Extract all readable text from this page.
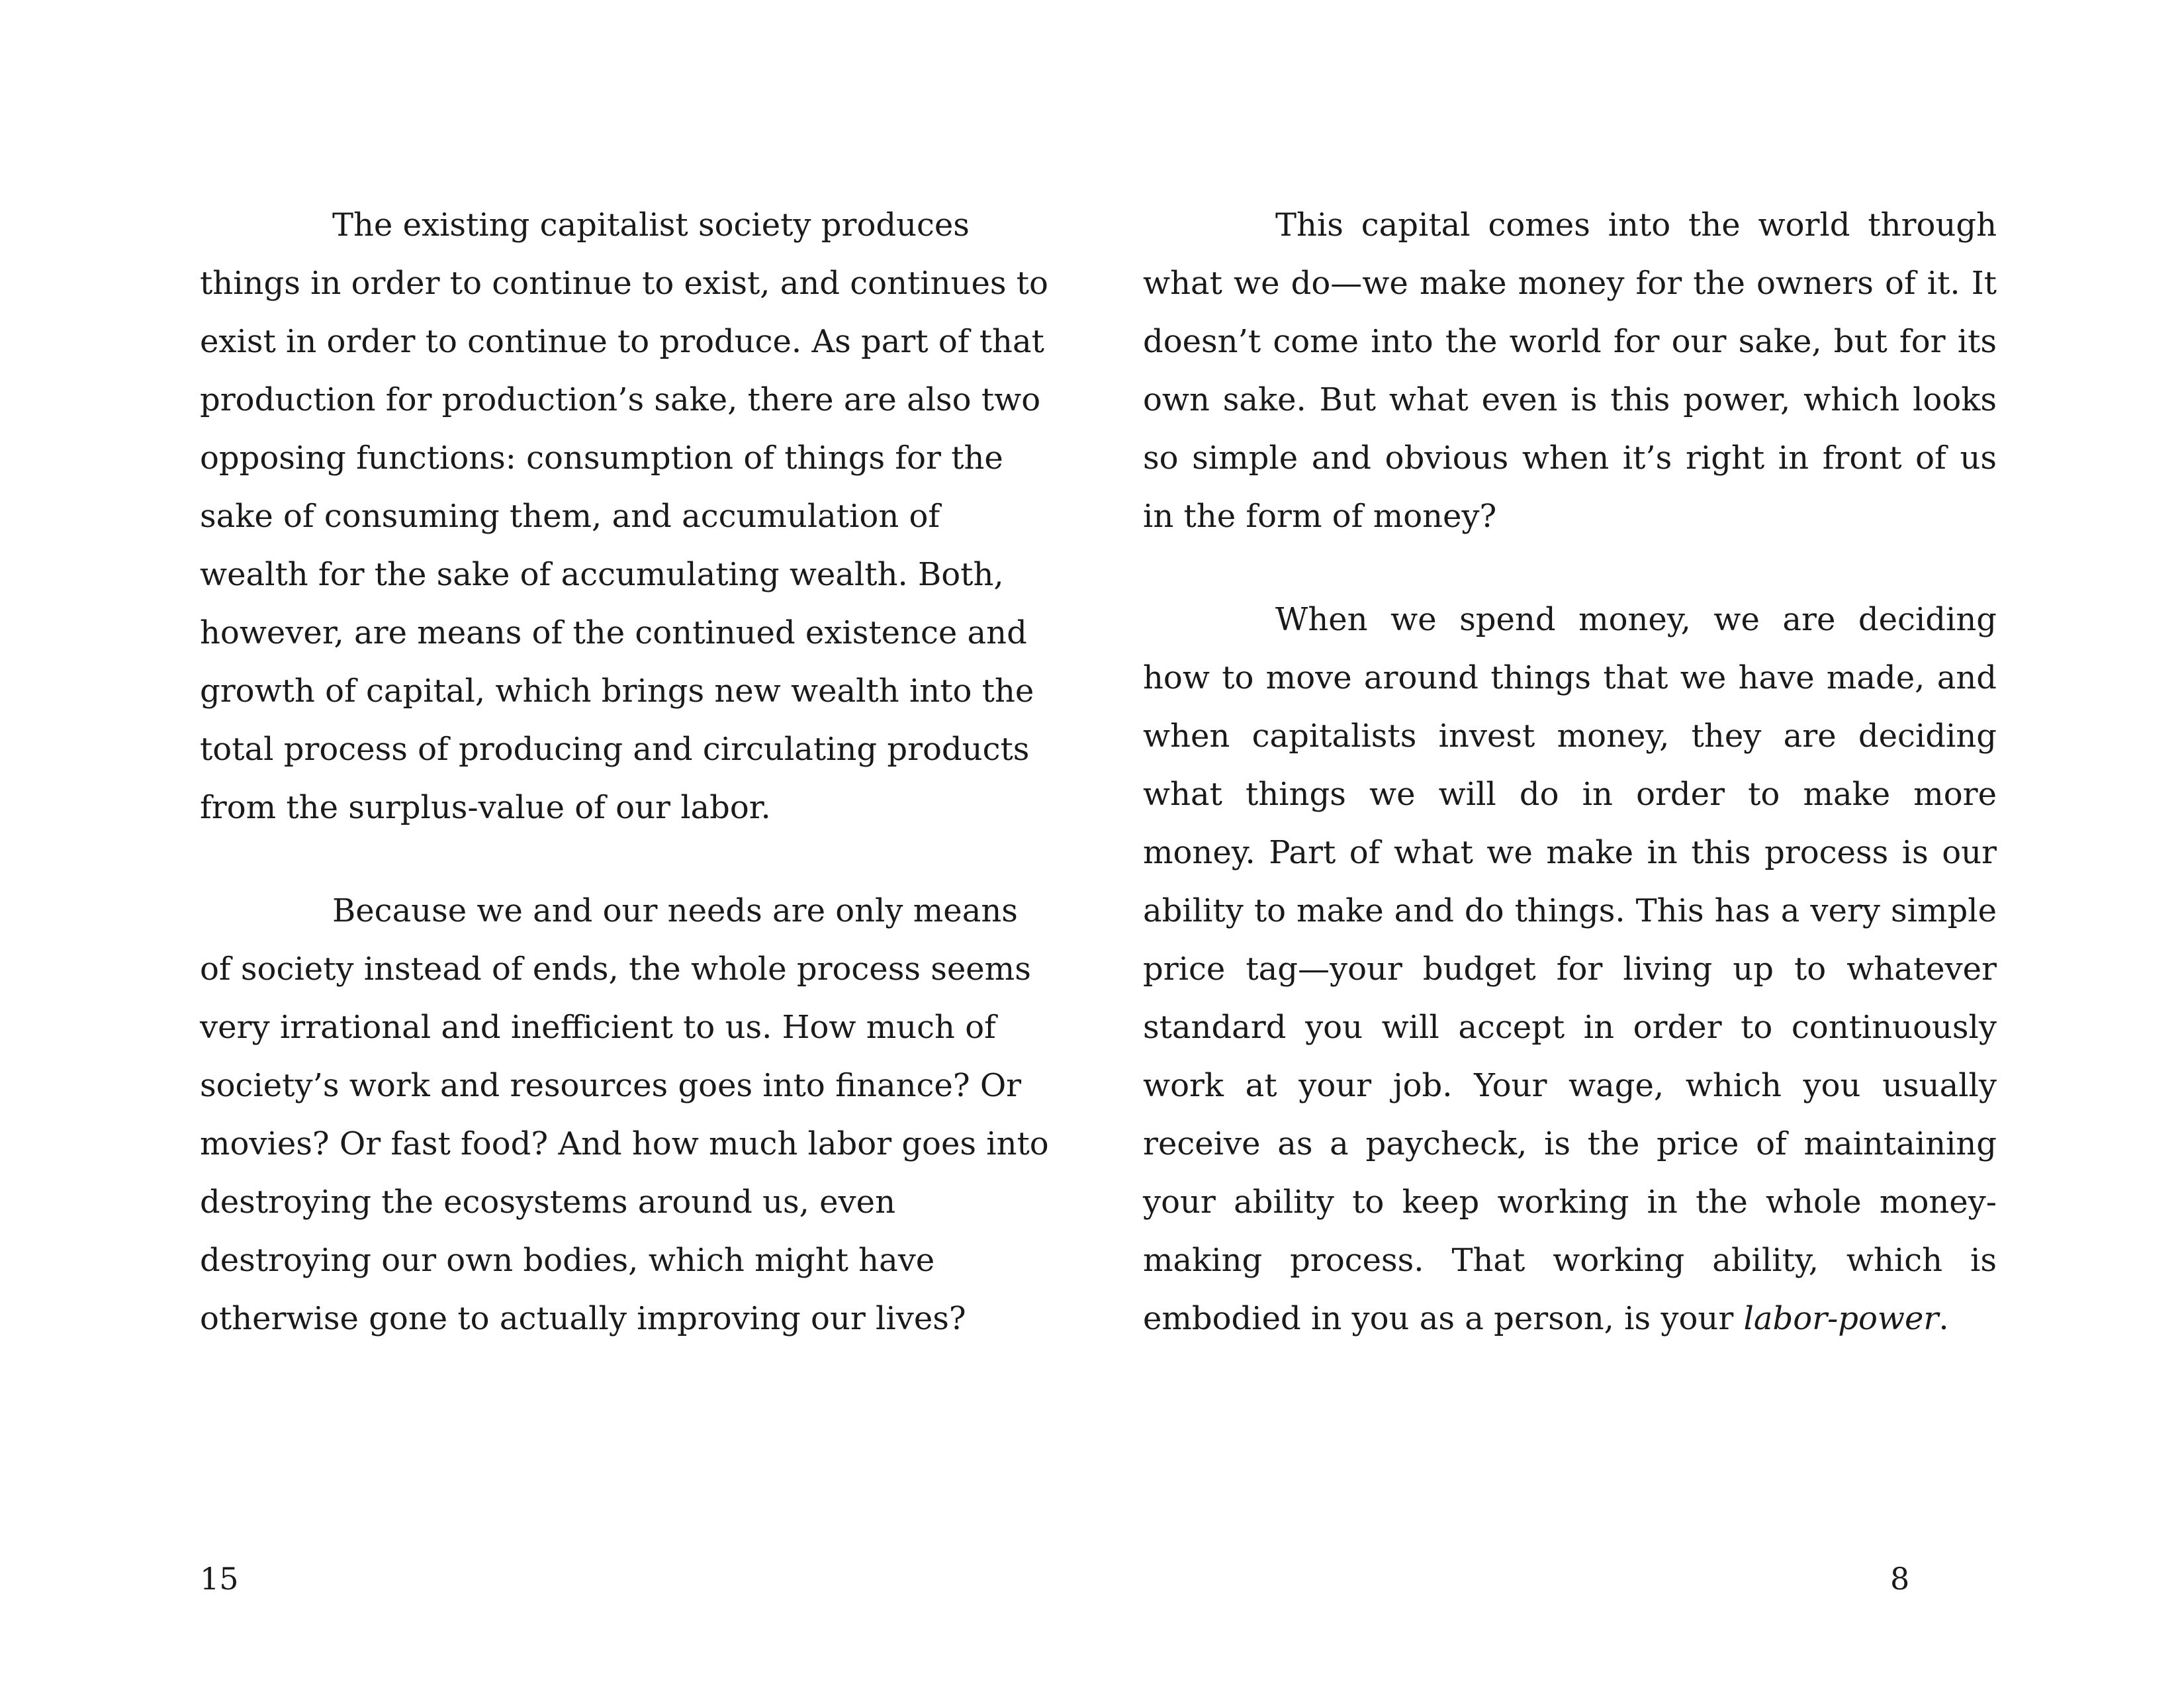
The existing capitalist society produces things in order to continue to exist, and continues to exist in order to continue to produce. As part of that production for production’s sake, there are also two opposing functions: consumption of things for the sake of consuming them, and accumulation of wealth for the sake of accumulating wealth. Both, however, are means of the continued existence and growth of capital, which brings new wealth into the total process of producing and circulating products from the surplus-value of our labor.

Because we and our needs are only means of society instead of ends, the whole process seems very irrational and inefficient to us. How much of society’s work and resources goes into finance? Or movies? Or fast food? And how much labor goes into destroying the ecosystems around us, even destroying our own bodies, which might have otherwise gone to actually improving our lives?

This capital comes into the world through what we do—we make money for the owners of it. It doesn’t come into the world for our sake, but for its own sake. But what even is this power, which looks so simple and obvious when it’s right in front of us in the form of money?

When we spend money, we are deciding how to move around things that we have made, and when capitalists invest money, they are deciding what things we will do in order to make more money. Part of what we make in this process is our ability to make and do things. This has a very simple price tag—your budget for living up to whatever standard you will accept in order to continuously work at your job. Your wage, which you usually receive as a paycheck, is the price of maintaining your ability to keep working in the whole money-making process. That working ability, which is embodied in you as a person, is your labor-power.

15	8
